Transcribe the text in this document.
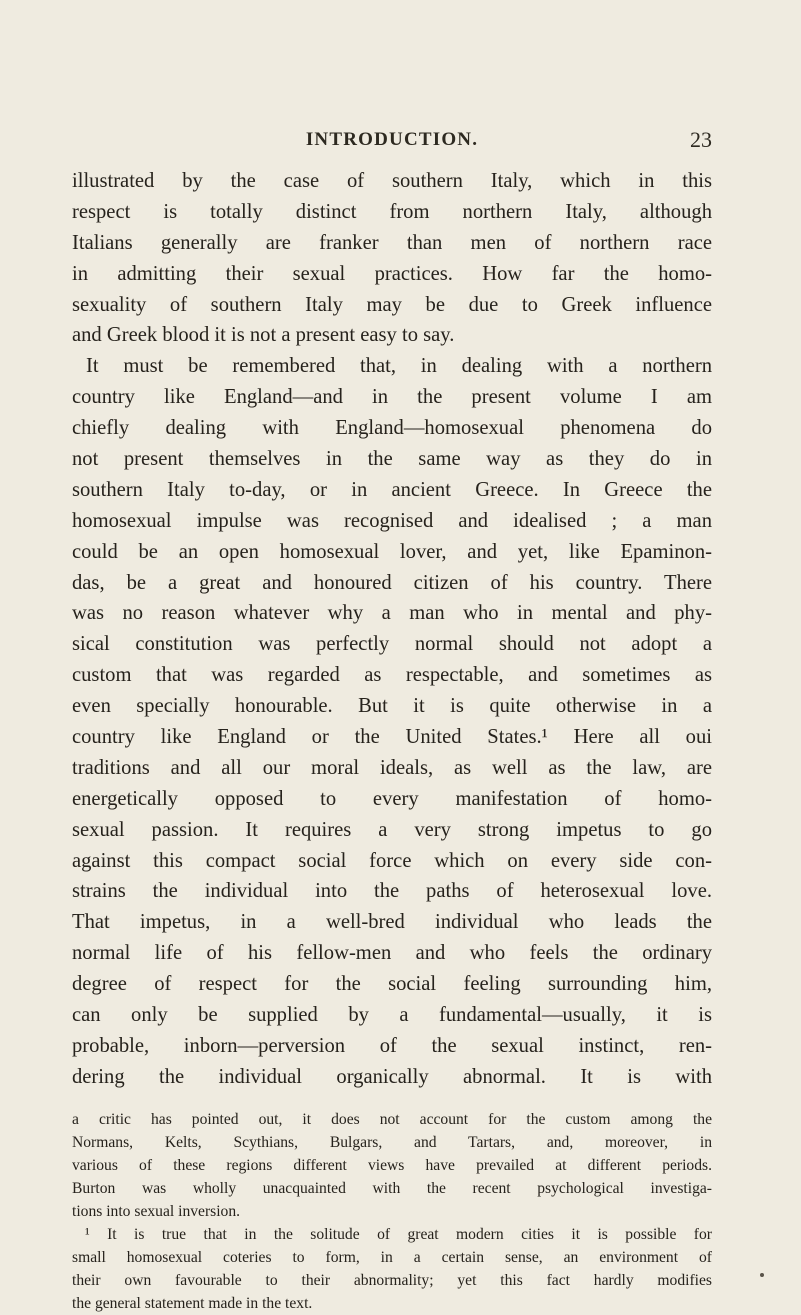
INTRODUCTION.	23
illustrated by the case of southern Italy, which in this
respect is totally distinct from northern Italy, although
Italians generally are franker than men of northern race
in admitting their sexual practices. How far the homo-
sexuality of southern Italy may be due to Greek influence
and Greek blood it is not a present easy to say.
It must be remembered that, in dealing with a northern
country like England—and in the present volume I am
chiefly dealing with England—homosexual phenomena do
not present themselves in the same way as they do in
southern Italy to-day, or in ancient Greece. In Greece the
homosexual impulse was recognised and idealised ; a man
could be an open homosexual lover, and yet, like Epaminon-
das, be a great and honoured citizen of his country. There
was no reason whatever why a man who in mental and phy-
sical constitution was perfectly normal should not adopt a
custom that was regarded as respectable, and sometimes as
even specially honourable. But it is quite otherwise in a
country like England or the United States.¹ Here all oui
traditions and all our moral ideals, as well as the law, are
energetically opposed to every manifestation of homo-
sexual passion. It requires a very strong impetus to go
against this compact social force which on every side con-
strains the individual into the paths of heterosexual love.
That impetus, in a well-bred individual who leads the
normal life of his fellow-men and who feels the ordinary
degree of respect for the social feeling surrounding him,
can only be supplied by a fundamental—usually, it is
probable, inborn—perversion of the sexual instinct, ren-
dering the individual organically abnormal. It is with
a critic has pointed out, it does not account for the custom among the
Normans, Kelts, Scythians, Bulgars, and Tartars, and, moreover, in
various of these regions different views have prevailed at different periods.
Burton was wholly unacquainted with the recent psychological investiga-
tions into sexual inversion.
¹ It is true that in the solitude of great modern cities it is possible for
small homosexual coteries to form, in a certain sense, an environment of
their own favourable to their abnormality; yet this fact hardly modifies
the general statement made in the text.
